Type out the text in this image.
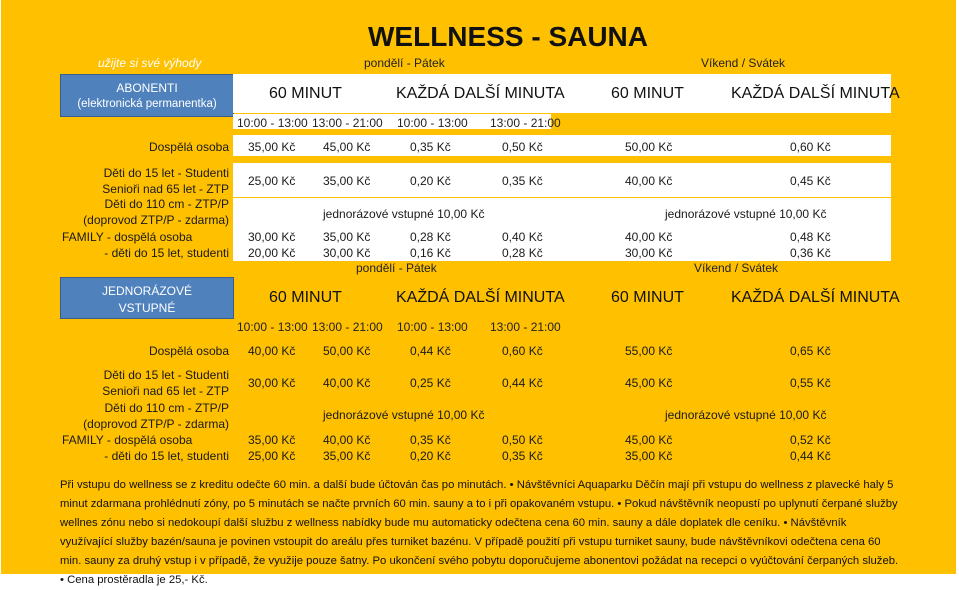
WELLNESS - SAUNA
užijte si své výhody	pondělí - Pátek	Víkend / Svátek
ABONENTI
(elektronická permanentka)
60 MINUT	KAŽDÁ DALŠÍ MINUTA	60 MINUT	KAŽDÁ DALŠÍ MINUTA
10:00 - 13:00 13:00 - 21:00 10:00 - 13:00 13:00 - 21:00
Dospělá osoba 35,00 Kč 45,00 Kč	0,35 Kč	0,50 Kč	50,00 Kč	0,60 Kč
Děti do 15 let - Studenti
Senioři nad 65 let - ZTP
25,00 Kč 35,00 Kč	0,20 Kč	0,35 Kč	40,00 Kč	0,45 Kč
Děti do 110 cm - ZTP/P
(doprovod ZTP/P - zdarma)	jednorázové vstupné 10,00 Kč	jednorázové vstupné 10,00 Kč
FAMILY - dospělá osoba	30,00 Kč 35,00 Kč	0,28 Kč	0,40 Kč	40,00 Kč	0,48 Kč
- děti do 15 let, studenti 20,00 Kč 30,00 Kč	0,16 Kč	0,28 Kč	30,00 Kč	0,36 Kč
pondělí - Pátek	Víkend / Svátek
JEDNORÁZOVÉ
VSTUPNÉ
60 MINUT	KAŽDÁ DALŠÍ MINUTA	60 MINUT	KAŽDÁ DALŠÍ MINUTA
10:00 - 13:00 13:00 - 21:00 10:00 - 13:00 13:00 - 21:00
Dospělá osoba 40,00 Kč 50,00 Kč	0,44 Kč	0,60 Kč	55,00 Kč	0,65 Kč
Děti do 15 let - Studenti
Senioři nad 65 let - ZTP
30,00 Kč 40,00 Kč	0,25 Kč	0,44 Kč	45,00 Kč	0,55 Kč
Děti do 110 cm - ZTP/P
(doprovod ZTP/P - zdarma)
jednorázové vstupné 10,00 Kč	jednorázové vstupné 10,00 Kč
FAMILY - dospělá osoba	35,00 Kč 40,00 Kč	0,35 Kč	0,50 Kč	45,00 Kč	0,52 Kč
- děti do 15 let, studenti 25,00 Kč 35,00 Kč	0,20 Kč	0,35 Kč	35,00 Kč	0,44 Kč
Při vstupu do wellness se z kreditu odečte 60 min. a další bude účtován čas po minutách. • Návštěvníci Aquaparku Děčín mají při vstupu do wellness z plavecké haly 5 minut zdarmana prohlédnutí zóny, po 5 minutách se načte prvních 60 min. sauny a to i při opakovaném vstupu. • Pokud návštěvník neopustí po uplynutí čerpané služby wellnes zónu nebo si nedokoupí další službu z wellness nabídky bude mu automaticky odečtena cena 60 min. sauny a dále doplatek dle ceníku. • Návštěvník využívající služby bazén/sauna je povinen vstoupit do areálu přes turniket bazénu. V případě použití při vstupu turniket sauny, bude návštěvníkovi odečtena cena 60 min. sauny za druhý vstup i v případě, že využije pouze šatny. Po ukončení svého pobytu doporučujeme abonentovi požádat na recepci o vyúčtování čerpaných služeb. • Cena prostěradla je 25,- Kč.
